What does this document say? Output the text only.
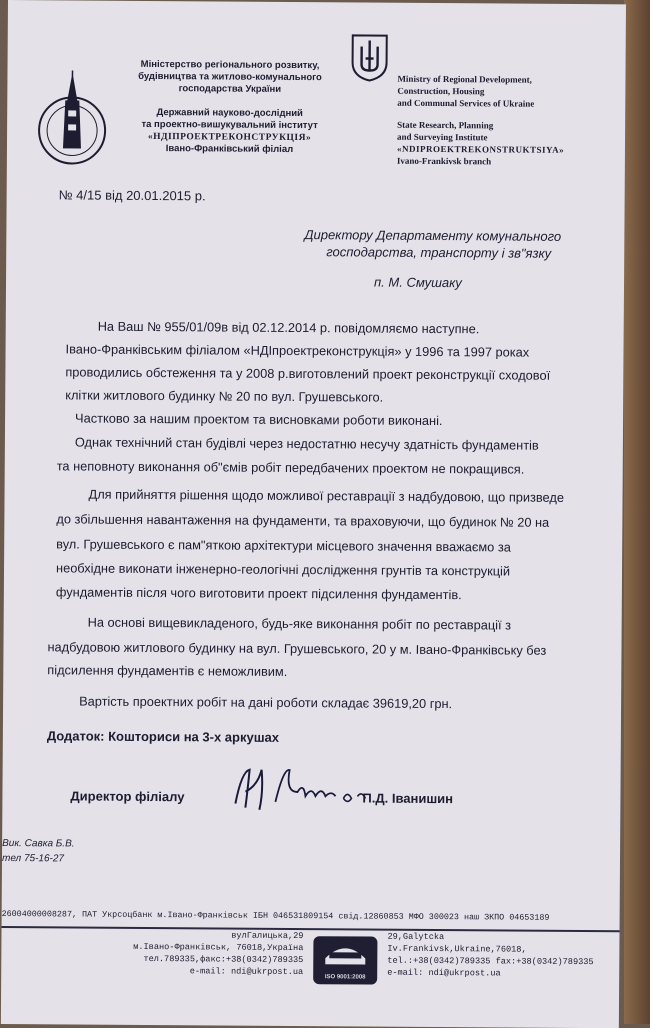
Міністерство регіонального розвитку,
будівництва та житлово-комунального
господарства України
Державний науково-дослідний
та проектно-вишукувальний інститут
«НДІПРОЕКТРЕКОНСТРУКЦІЯ»
Івано-Франківський філіал
Ministry of Regional Development,
Construction, Housing
and Communal Services of Ukraine
State Research, Planning
and Surveying Institute
«NDIPROEKTREKONSTRUKTSIYA»
Ivano-Frankivsk branch
№ 4/15 від 20.01.2015 р.
Директору Департаменту комунального
господарства, транспорту і зв"язку
п. М. Смушаку
На Ваш № 955/01/09в від 02.12.2014 р. повідомляємо наступне.
Івано-Франківським філіалом «НДІпроектреконструкція» у 1996 та 1997 роках
проводились обстеження та у 2008 р.виготовлений проект реконструкції сходової
клітки житлового будинку № 20 по вул. Грушевського.
Частково за нашим проектом та висновками роботи виконані.
Однак технічний стан будівлі через недостатню несучу здатність фундаментів
та неповноту виконання об"ємів робіт передбачених проектом не покращився.
Для прийняття рішення щодо можливої реставрації з надбудовою, що призведе
до збільшення навантаження на фундаменти, та враховуючи, що будинок № 20 на
вул. Грушевського є пам"яткою архітектури місцевого значення вважаємо за
необхідне виконати інженерно-геологічні дослідження грунтів та конструкцій
фундаментів після чого виготовити проект підсилення фундаментів.
На основі вищевикладеного, будь-яке виконання робіт по реставрації з
надбудовою житлового будинку на вул. Грушевського, 20 у м. Івано-Франківську без
підсилення фундаментів є неможливим.
Вартість проектних робіт на дані роботи складає 39619,20 грн.
Додаток: Кошториси на 3-х аркушах
Директор філіалу	П.Д. Іванишин
Вик. Савка Б.В.
тел 75-16-27
26004000008287, ПАТ Укрсоцбанк м.Івано-Франківськ ІБН 046531809154 свід.12860853 МФО 300023 наш ЗКПО 04653189
вулГалицька,29
м.Івано-Франківськ, 76018,Україна
тел.789335,факс:+38(0342)789335
e-mail: ndi@ukrpost.ua
ISO 9001:2008
29,Galytcka
Iv.Frankivsk,Ukraine,76018,
tel.:+38(0342)789335 fax:+38(0342)789335
e-mail: ndi@ukrpost.ua
